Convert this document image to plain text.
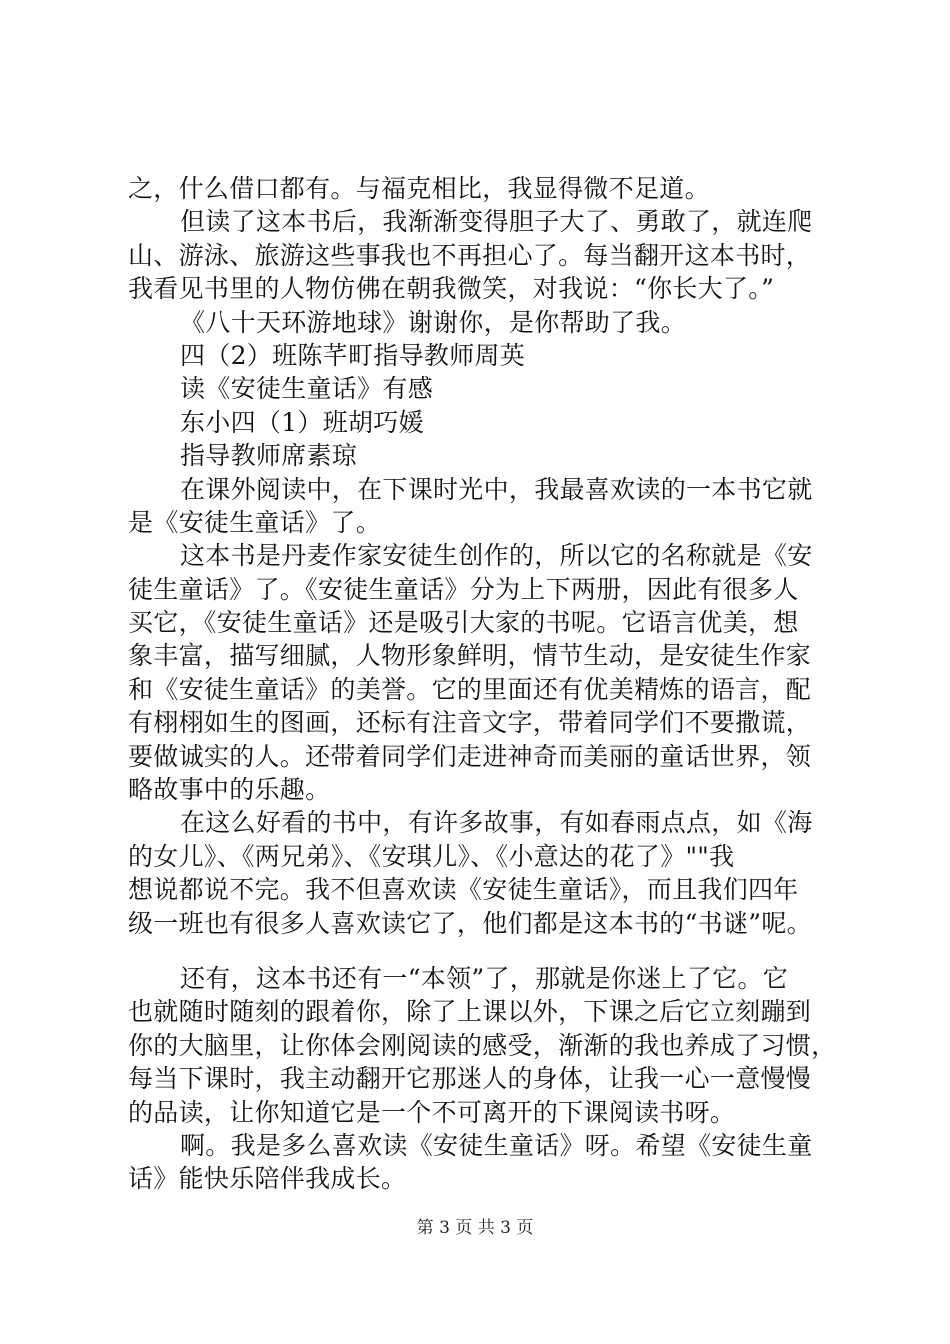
之，什么借口都有。与福克相比，我显得微不足道。
但读了这本书后，我渐渐变得胆子大了、勇敢了，就连爬
山、游泳、旅游这些事我也不再担心了。每当翻开这本书时，
我看见书里的人物仿佛在朝我微笑，对我说：“你长大了。”
《八十天环游地球》谢谢你，是你帮助了我。
四（2）班陈芊町指导教师周英
读《安徒生童话》有感
东小四（1）班胡巧媛
指导教师席素琼
在课外阅读中，在下课时光中，我最喜欢读的一本书它就
是《安徒生童话》了。
这本书是丹麦作家安徒生创作的，所以它的名称就是《安
徒生童话》了。《安徒生童话》分为上下两册，因此有很多人
买它，《安徒生童话》还是吸引大家的书呢。它语言优美，想
象丰富，描写细腻，人物形象鲜明，情节生动，是安徒生作家
和《安徒生童话》的美誉。它的里面还有优美精炼的语言，配
有栩栩如生的图画，还标有注音文字，带着同学们不要撒谎，
要做诚实的人。还带着同学们走进神奇而美丽的童话世界，领
略故事中的乐趣。
在这么好看的书中，有许多故事，有如春雨点点，如《海
的女儿》、《两兄弟》、《安琪儿》、《小意达的花了》""我
想说都说不完。我不但喜欢读《安徒生童话》，而且我们四年
级一班也有很多人喜欢读它了，他们都是这本书的“书谜”呢。
还有，这本书还有一“本领”了，那就是你迷上了它。它
也就随时随刻的跟着你，除了上课以外，下课之后它立刻蹦到
你的大脑里，让你体会刚阅读的感受，渐渐的我也养成了习惯，
每当下课时，我主动翻开它那迷人的身体，让我一心一意慢慢
的品读，让你知道它是一个不可离开的下课阅读书呀。
啊。我是多么喜欢读《安徒生童话》呀。希望《安徒生童
话》能快乐陪伴我成长。
第 3 页 共 3 页
